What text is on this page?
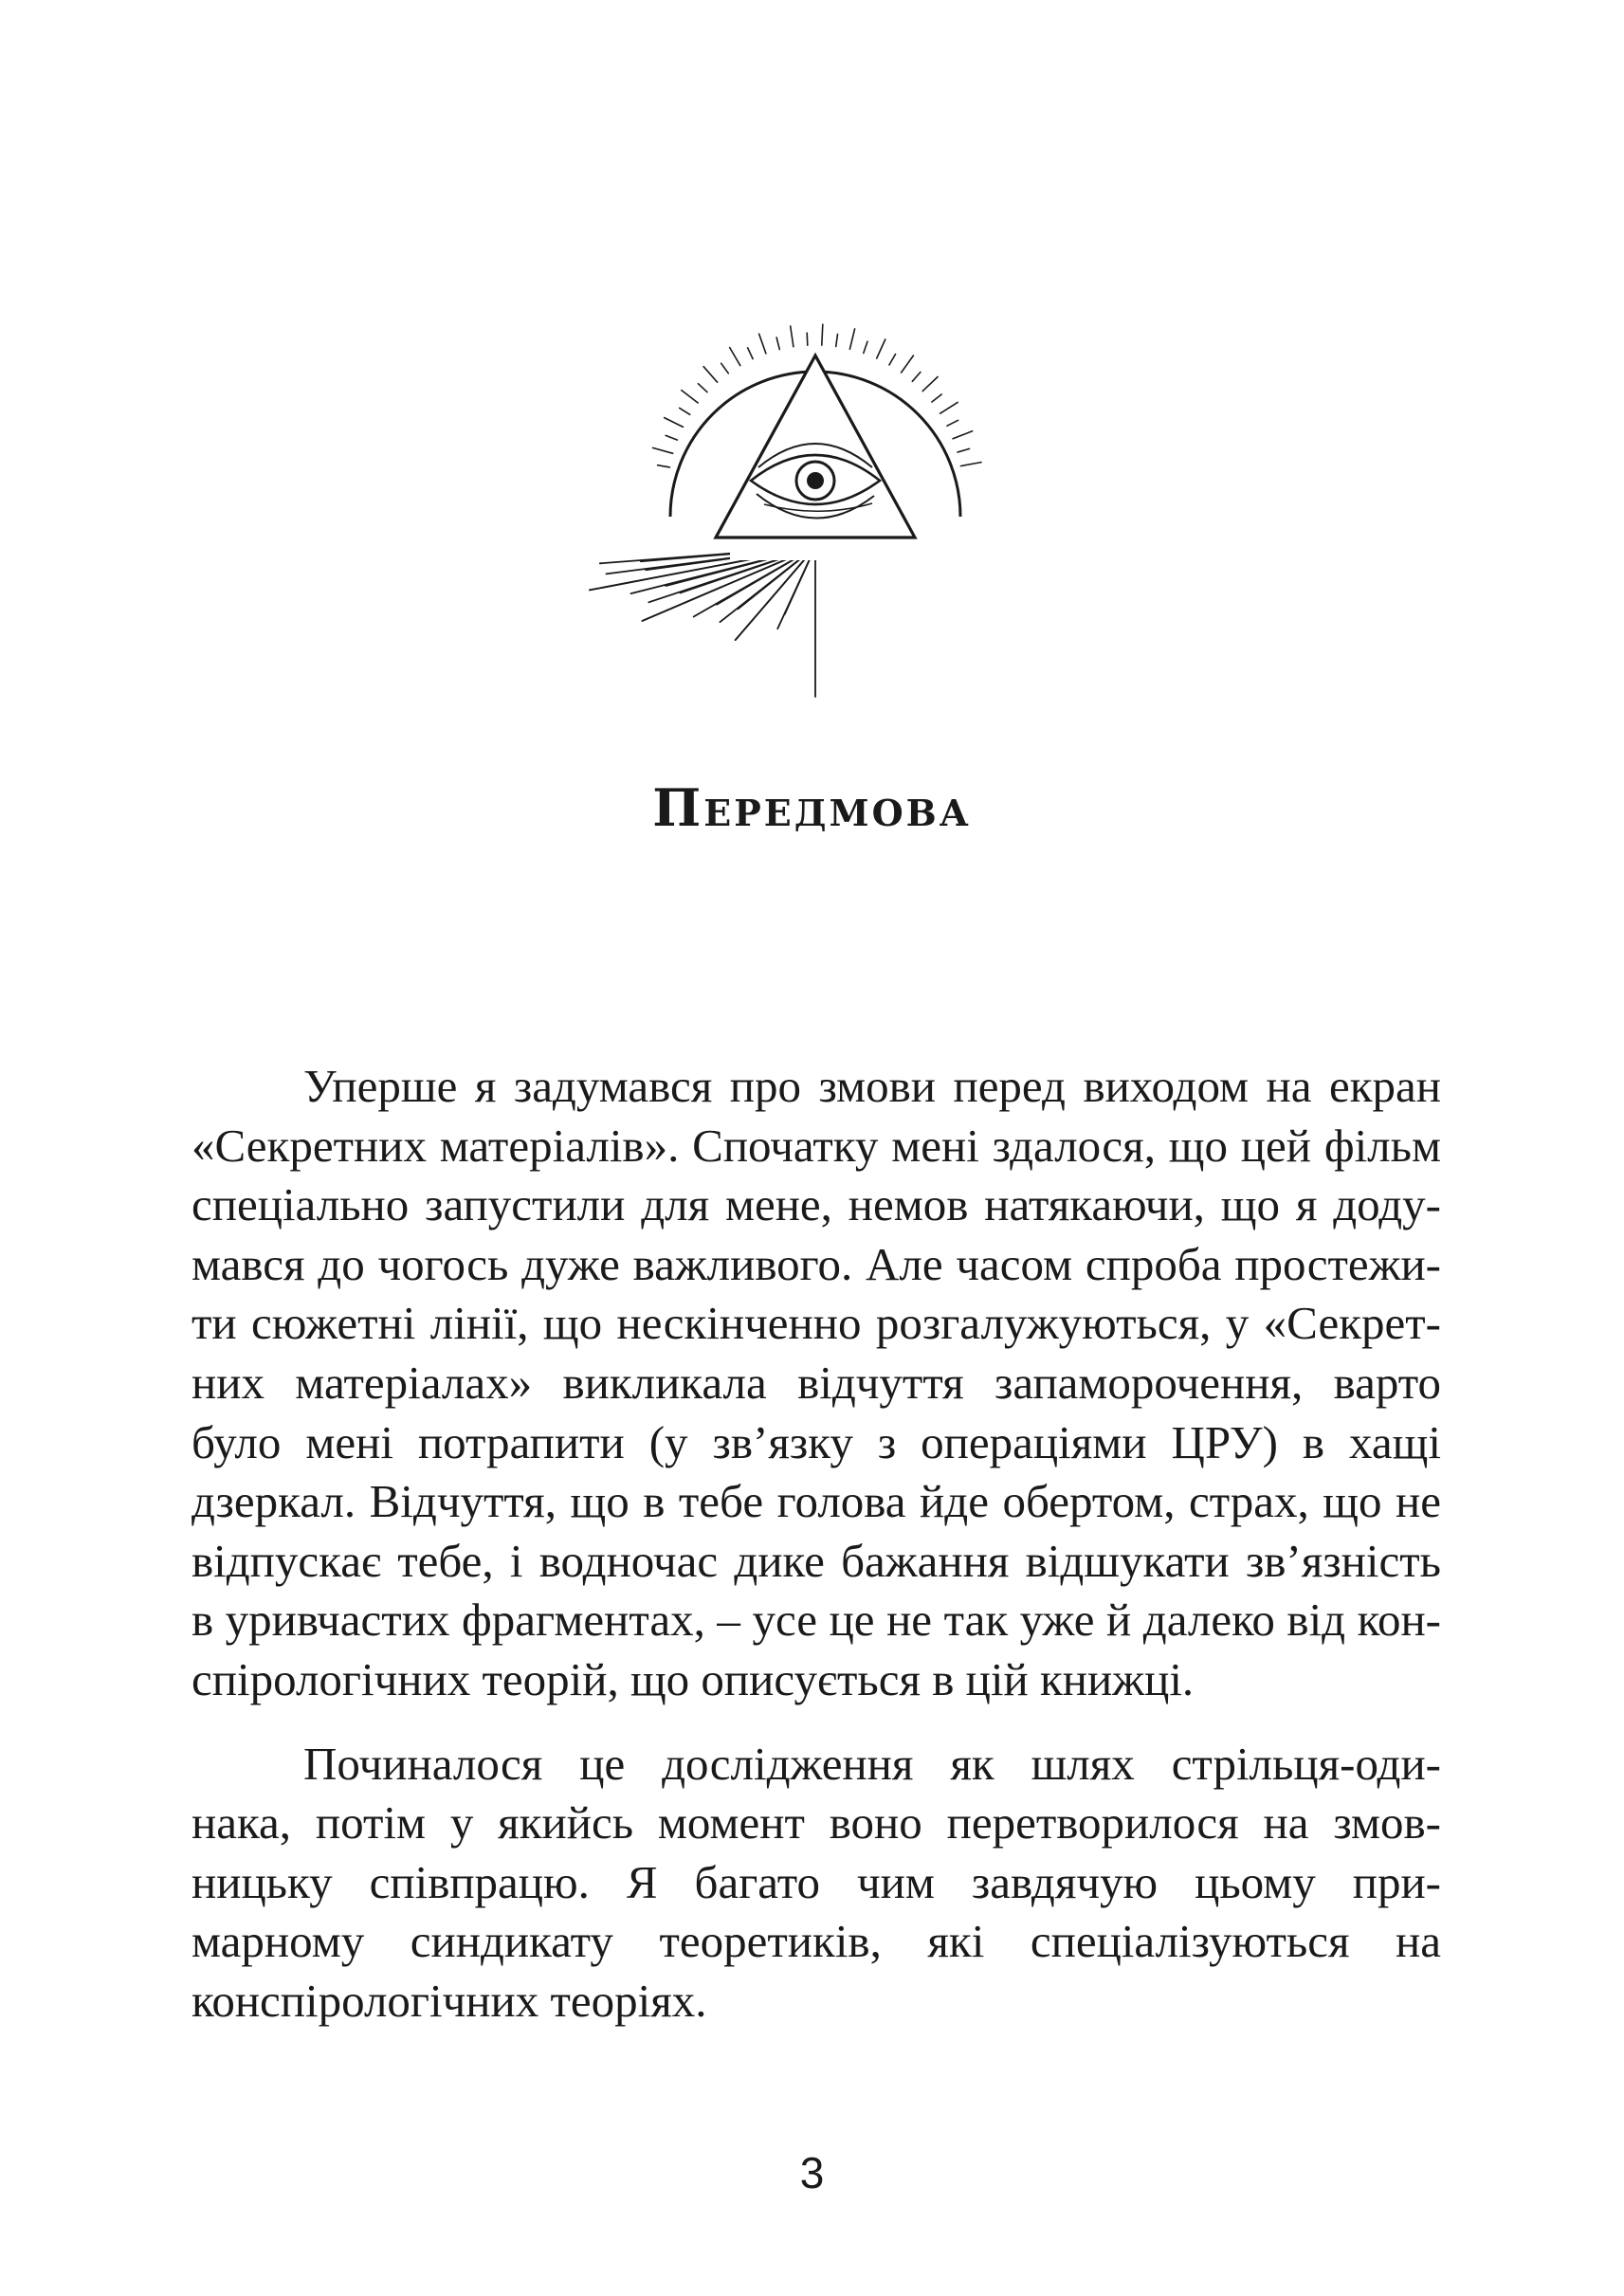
Передмова

Уперше я задумався про змови перед виходом на екран
«Секретних матеріалів». Спочатку мені здалося, що цей фільм
спеціально запустили для мене, немов натякаючи, що я доду-
мався до чогось дуже важливого. Але часом спроба простежи-
ти сюжетні лінії, що нескінченно розгалужуються, у «Секрет-
них матеріалах» викликала відчуття запаморочення, варто
було мені потрапити (у зв’язку з операціями ЦРУ) в хащі
дзеркал. Відчуття, що в тебе голова йде обертом, страх, що не
відпускає тебе, і водночас дике бажання відшукати зв’язність
в уривчастих фрагментах, – усе це не так уже й далеко від кон-
спірологічних теорій, що описується в цій книжці.

Починалося це дослідження як шлях стрільця-оди-
нака, потім у якийсь момент воно перетворилося на змов-
ницьку співпрацю. Я багато чим завдячую цьому при-
марному синдикату теоретиків, які спеціалізуються на
конспірологічних теоріях.

3
